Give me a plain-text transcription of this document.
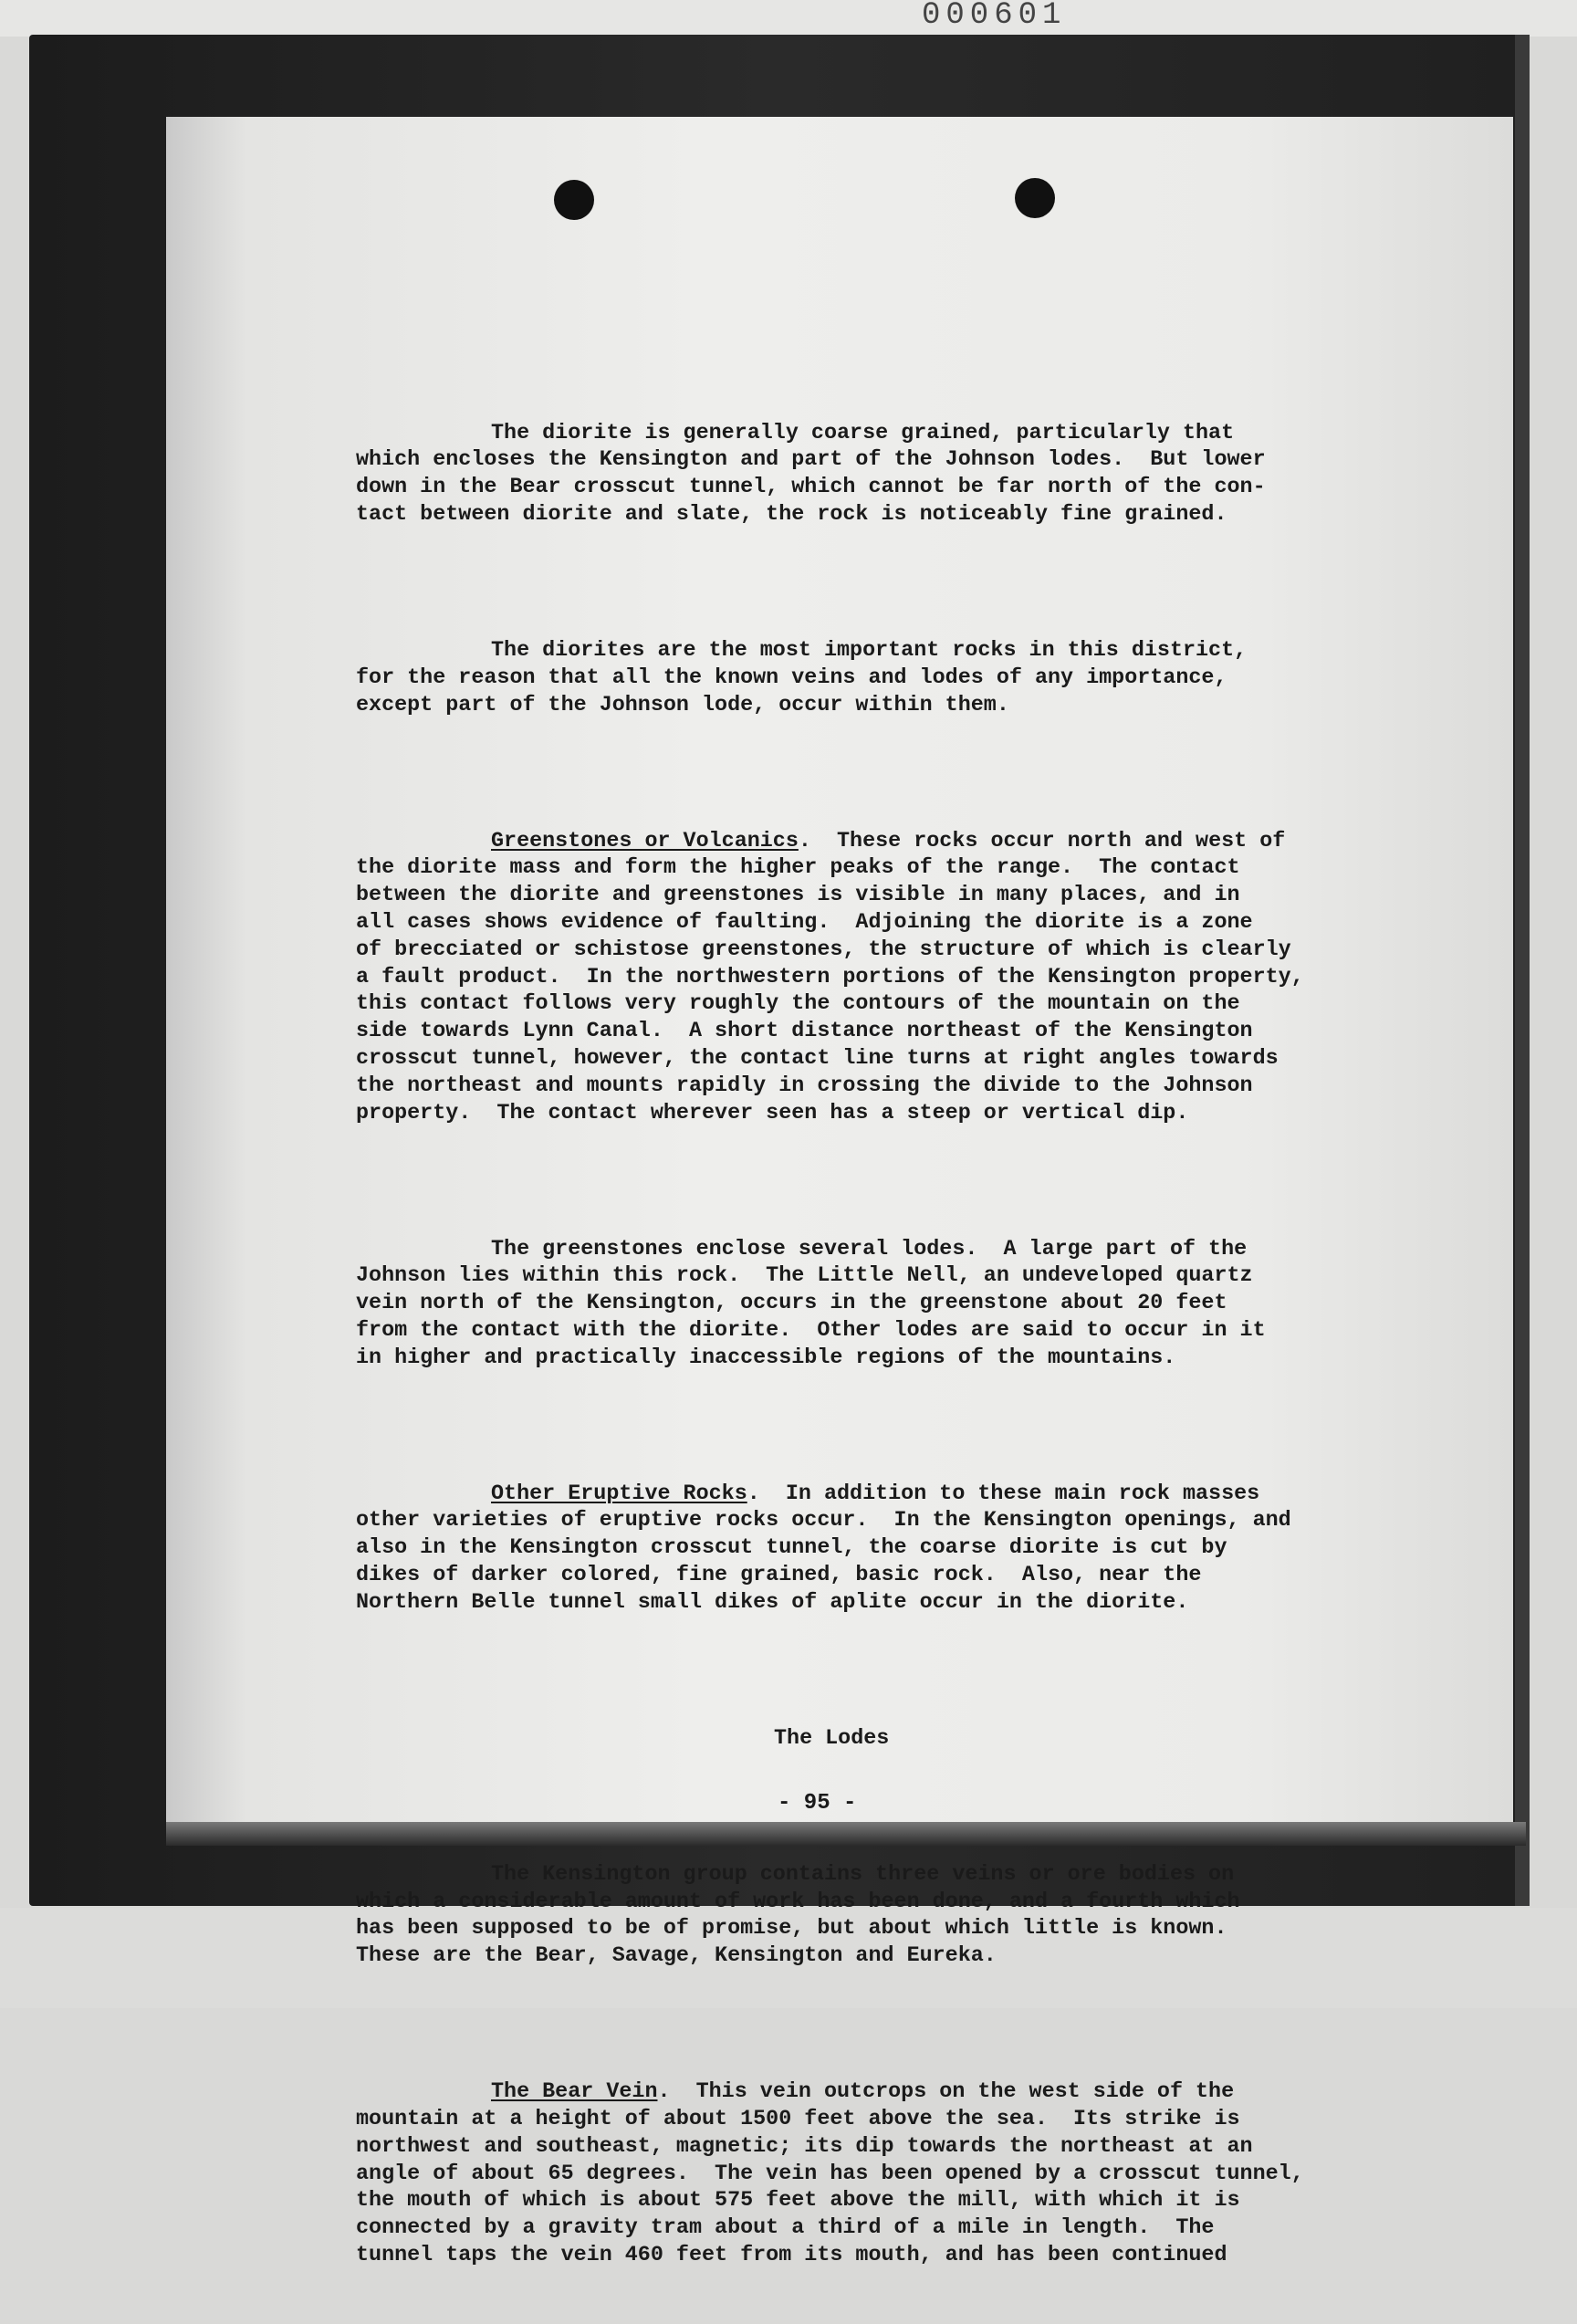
000601

The diorite is generally coarse grained, particularly that
which encloses the Kensington and part of the Johnson lodes.  But lower
down in the Bear crosscut tunnel, which cannot be far north of the con-
tact between diorite and slate, the rock is noticeably fine grained.

The diorites are the most important rocks in this district,
for the reason that all the known veins and lodes of any importance,
except part of the Johnson lode, occur within them.

Greenstones or Volcanics.  These rocks occur north and west of
the diorite mass and form the higher peaks of the range.  The contact
between the diorite and greenstones is visible in many places, and in
all cases shows evidence of faulting.  Adjoining the diorite is a zone
of brecciated or schistose greenstones, the structure of which is clearly
a fault product.  In the northwestern portions of the Kensington property,
this contact follows very roughly the contours of the mountain on the
side towards Lynn Canal.  A short distance northeast of the Kensington
crosscut tunnel, however, the contact line turns at right angles towards
the northeast and mounts rapidly in crossing the divide to the Johnson
property.  The contact wherever seen has a steep or vertical dip.

The greenstones enclose several lodes.  A large part of the
Johnson lies within this rock.  The Little Nell, an undeveloped quartz
vein north of the Kensington, occurs in the greenstone about 20 feet
from the contact with the diorite.  Other lodes are said to occur in it
in higher and practically inaccessible regions of the mountains.

Other Eruptive Rocks.  In addition to these main rock masses
other varieties of eruptive rocks occur.  In the Kensington openings, and
also in the Kensington crosscut tunnel, the coarse diorite is cut by
dikes of darker colored, fine grained, basic rock.  Also, near the
Northern Belle tunnel small dikes of aplite occur in the diorite.

The Lodes

The Kensington group contains three veins or ore bodies on
which a considerable amount of work has been done, and a fourth which
has been supposed to be of promise, but about which little is known.
These are the Bear, Savage, Kensington and Eureka.

The Bear Vein.  This vein outcrops on the west side of the
mountain at a height of about 1500 feet above the sea.  Its strike is
northwest and southeast, magnetic; its dip towards the northeast at an
angle of about 65 degrees.  The vein has been opened by a crosscut tunnel,
the mouth of which is about 575 feet above the mill, with which it is
connected by a gravity tram about a third of a mile in length.  The
tunnel taps the vein 460 feet from its mouth, and has been continued

- 95 -
